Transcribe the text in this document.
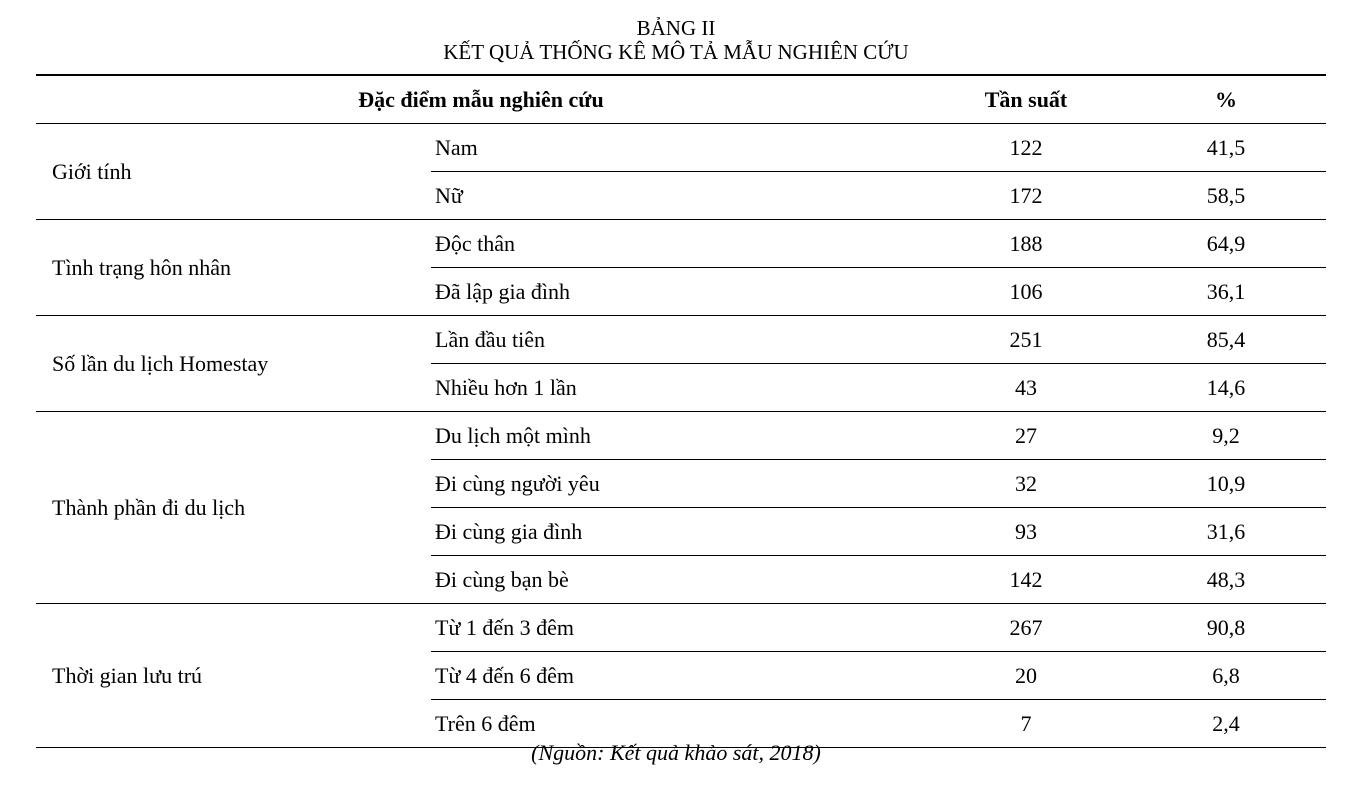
BẢNG II
KẾT QUẢ THỐNG KÊ MÔ TẢ MẪU NGHIÊN CỨU
Đặc điểm mẫu nghiên cứu		Tần suất	%
Giới tính	Nam	122	41,5
	Nữ	172	58,5
Tình trạng hôn nhân	Độc thân	188	64,9
	Đã lập gia đình	106	36,1
Số lần du lịch Homestay	Lần đầu tiên	251	85,4
	Nhiều hơn 1 lần	43	14,6
Thành phần đi du lịch	Du lịch một mình	27	9,2
	Đi cùng người yêu	32	10,9
	Đi cùng gia đình	93	31,6
	Đi cùng bạn bè	142	48,3
Thời gian lưu trú	Từ 1 đến 3 đêm	267	90,8
	Từ 4 đến 6 đêm	20	6,8
	Trên 6 đêm	7	2,4
(Nguồn: Kết quả khảo sát, 2018)
